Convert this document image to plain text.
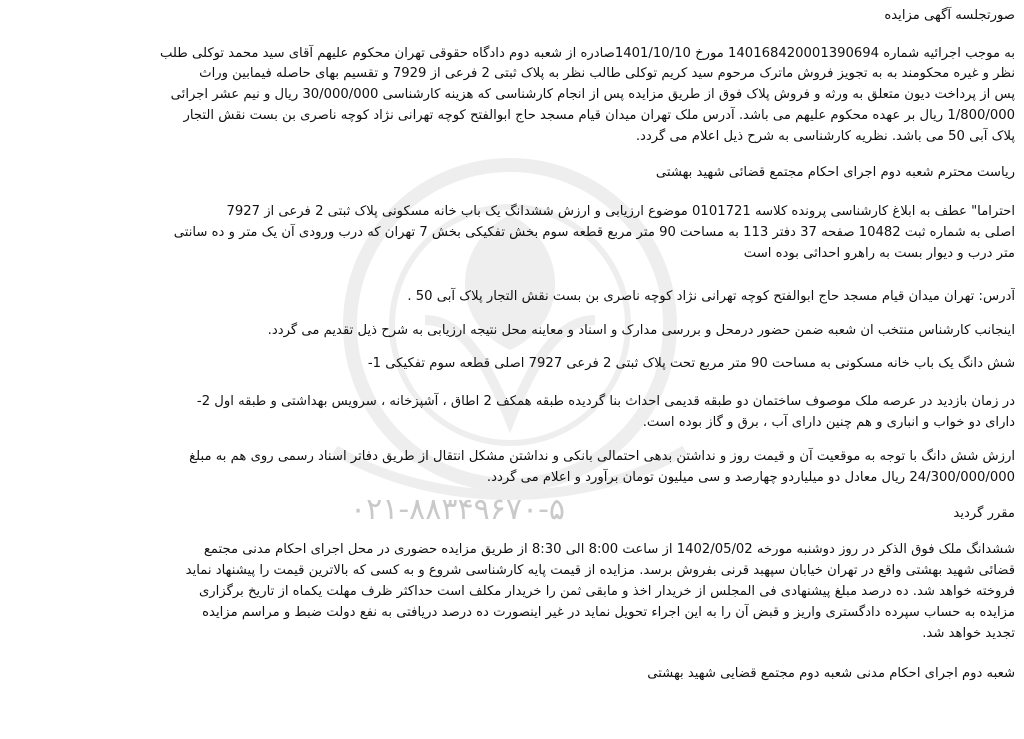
۰۲۱-۸۸۳۴۹۶۷۰-۵
صورتجلسه آگهی مزایده
به موجب اجرائیه شماره 140168420001390694 مورخ 1401/10/10صادره از شعبه دوم دادگاه حقوقی تهران محکوم علیهم آقای سید محمد توکلی طلب
نظر و غیره محکومند به به تجویز فروش ماترک مرحوم سید کریم توکلی طالب نظر به پلاک ثبتی 2 فرعی از 7929 و تقسیم بهای حاصله فیمابین وراث
پس از پرداخت دیون متعلق به ورثه و فروش پلاک فوق از طریق مزایده پس از انجام کارشناسی که هزینه کارشناسی 30/000/000 ریال و نیم عشر اجرائی
1/800/000 ریال بر عهده محکوم علیهم می باشد. آدرس ملک تهران میدان قیام مسجد حاج ابوالفتح کوچه تهرانی نژاد کوچه ناصری بن بست نقش التجار
پلاک آبی 50 می باشد. نظریه کارشناسی به شرح ذیل اعلام می گردد.
ریاست محترم شعبه دوم اجرای احکام مجتمع قضائی شهید بهشتی
احتراما" عطف به ابلاغ کارشناسی پرونده کلاسه 0101721 موضوع ارزیابی و ارزش ششدانگ یک باب خانه مسکونی پلاک ثبتی 2 فرعی از 7927
اصلی به شماره ثبت 10482 صفحه 37 دفتر 113 به مساحت 90 متر مربع قطعه سوم بخش تفکیکی بخش 7 تهران که درب ورودی آن یک متر و ده سانتی
متر درب و دیوار بست به راهرو احداثی بوده است
آدرس: تهران میدان قیام مسجد حاج ابوالفتح کوچه تهرانی نژاد کوچه ناصری بن بست نقش التجار پلاک آبی 50 .
اینجانب کارشناس منتخب ان شعبه ضمن حضور درمحل و بررسی مدارک و اسناد و معاینه محل نتیجه ارزیابی به شرح ذیل تقدیم می گردد.
شش دانگ یک باب خانه مسکونی به مساحت 90 متر مربع تحت پلاک ثبتی 2 فرعی 7927 اصلی قطعه سوم تفکیکی 1-
در زمان بازدید در عرصه ملک موصوف ساختمان دو طبقه قدیمی احداث بنا گردیده طبقه همکف 2 اطاق ، آشپزخانه ، سرویس بهداشتی و طبقه اول 2-
دارای دو خواب و انباری و هم چنین دارای آب ، برق و گاز بوده است.
ارزش شش دانگ با توجه به موقعیت آن و قیمت روز و نداشتن بدهی احتمالی بانکی و نداشتن مشکل انتقال از طریق دفاتر اسناد رسمی روی هم به مبلغ
24/300/000/000 ریال معادل دو میلیاردو چهارصد و سی میلیون تومان برآورد و اعلام می گردد.
مقرر گردید
ششدانگ ملک فوق الذکر در روز دوشنبه مورخه 1402/05/02 از ساعت 8:00 الی 8:30 از طریق مزایده حضوری در محل اجرای احکام مدنی مجتمع
قضائی شهید بهشتی واقع در تهران خیابان سپهبد قرنی بفروش برسد. مزایده از قیمت پایه کارشناسی شروع و به کسی که بالاترین قیمت را پیشنهاد نماید
فروخته خواهد شد. ده درصد مبلغ پیشنهادی فی المجلس از خریدار اخذ و مابقی ثمن را خریدار مکلف است حداکثر ظرف مهلت یکماه از تاریخ برگزاری
مزایده به حساب سپرده دادگستری واریز و قبض آن را به این اجراء تحویل نماید در غیر اینصورت ده درصد دریافتی به نفع دولت ضبط و مراسم مزایده
تجدید خواهد شد.
شعبه دوم اجرای احکام مدنی شعبه دوم مجتمع قضایی شهید بهشتی
